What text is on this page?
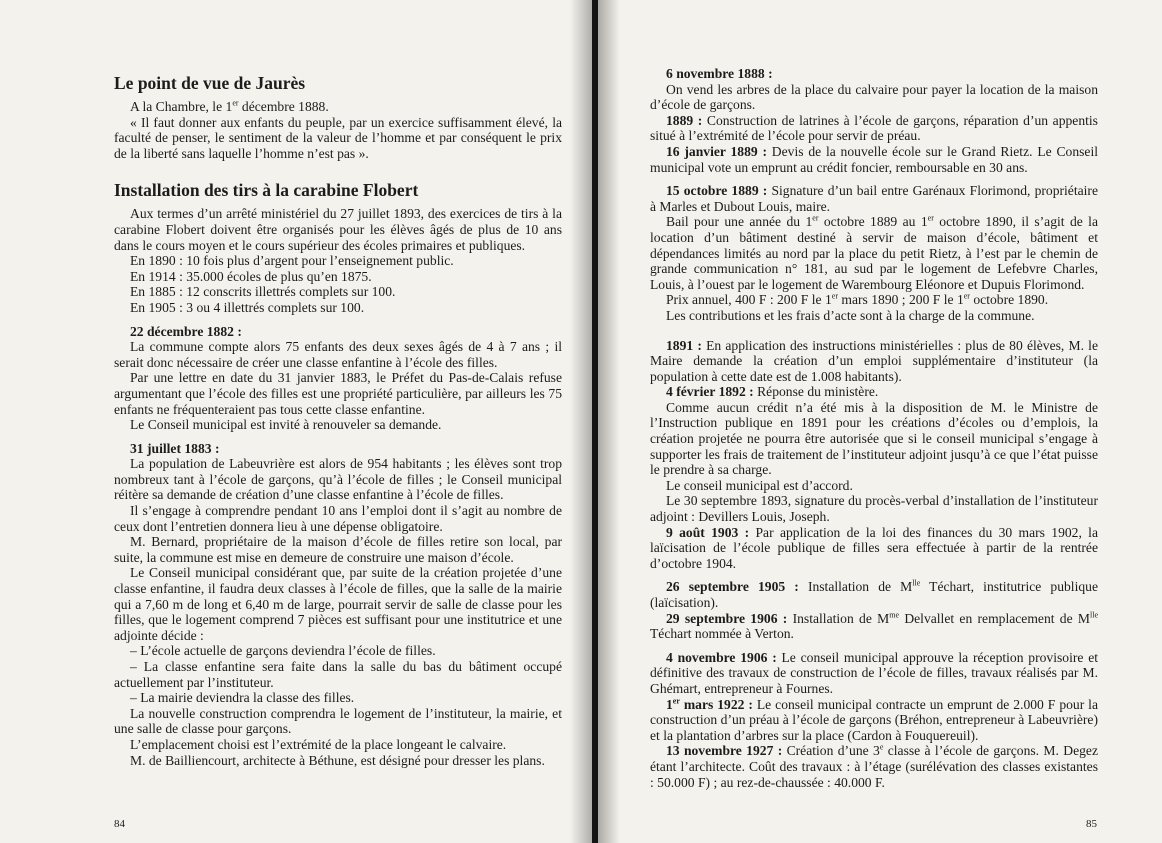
Le point de vue de Jaurès

A la Chambre, le 1er décembre 1888.

« Il faut donner aux enfants du peuple, par un exercice suffisamment élevé, la faculté de penser, le sentiment de la valeur de l’homme et par conséquent le prix de la liberté sans laquelle l’homme n’est pas ».

Installation des tirs à la carabine Flobert

Aux termes d’un arrêté ministériel du 27 juillet 1893, des exercices de tirs à la carabine Flobert doivent être organisés pour les élèves âgés de plus de 10 ans dans le cours moyen et le cours supérieur des écoles primaires et publiques.

En 1890 : 10 fois plus d’argent pour l’enseignement public.

En 1914 : 35.000 écoles de plus qu’en 1875.

En 1885 : 12 conscrits illettrés complets sur 100.

En 1905 : 3 ou 4 illettrés complets sur 100.

22 décembre 1882 :

La commune compte alors 75 enfants des deux sexes âgés de 4 à 7 ans ; il serait donc nécessaire de créer une classe enfantine à l’école des filles.

Par une lettre en date du 31 janvier 1883, le Préfet du Pas-de-Calais refuse argumentant que l’école des filles est une propriété particulière, par ailleurs les 75 enfants ne fréquenteraient pas tous cette classe enfantine.

Le Conseil municipal est invité à renouveler sa demande.

31 juillet 1883 :

La population de Labeuvrière est alors de 954 habitants ; les élèves sont trop nombreux tant à l’école de garçons, qu’à l’école de filles ; le Conseil municipal réitère sa demande de création d’une classe enfantine à l’école de filles.

Il s’engage à comprendre pendant 10 ans l’emploi dont il s’agit au nombre de ceux dont l’entretien donnera lieu à une dépense obligatoire.

M. Bernard, propriétaire de la maison d’école de filles retire son local, par suite, la commune est mise en demeure de construire une maison d’école.

Le Conseil municipal considérant que, par suite de la création projetée d’une classe enfantine, il faudra deux classes à l’école de filles, que la salle de la mairie qui a 7,60 m de long et 6,40 m de large, pourrait servir de salle de classe pour les filles, que le logement comprend 7 pièces est suffisant pour une institutrice et une adjointe décide :

– L’école actuelle de garçons deviendra l’école de filles.

– La classe enfantine sera faite dans la salle du bas du bâtiment occupé actuellement par l’instituteur.

– La mairie deviendra la classe des filles.

La nouvelle construction comprendra le logement de l’instituteur, la mairie, et une salle de classe pour garçons.

L’emplacement choisi est l’extrémité de la place longeant le calvaire.

M. de Bailliencourt, architecte à Béthune, est désigné pour dresser les plans.

84

6 novembre 1888 :

On vend les arbres de la place du calvaire pour payer la location de la maison d’école de garçons.

1889 : Construction de latrines à l’école de garçons, réparation d’un appentis situé à l’extrémité de l’école pour servir de préau.

16 janvier 1889 : Devis de la nouvelle école sur le Grand Rietz. Le Conseil municipal vote un emprunt au crédit foncier, remboursable en 30 ans.

15 octobre 1889 : Signature d’un bail entre Garénaux Florimond, propriétaire à Marles et Dubout Louis, maire.

Bail pour une année du 1er octobre 1889 au 1er octobre 1890, il s’agit de la location d’un bâtiment destiné à servir de maison d’école, bâtiment et dépendances limités au nord par la place du petit Rietz, à l’est par le chemin de grande communication n° 181, au sud par le logement de Lefebvre Charles, Louis, à l’ouest par le logement de Warembourg Eléonore et Dupuis Florimond.

Prix annuel, 400 F : 200 F le 1er mars 1890 ; 200 F le 1er octobre 1890.

Les contributions et les frais d’acte sont à la charge de la commune.

1891 : En application des instructions ministérielles : plus de 80 élèves, M. le Maire demande la création d’un emploi supplémentaire d’instituteur (la population à cette date est de 1.008 habitants).

4 février 1892 : Réponse du ministère.

Comme aucun crédit n’a été mis à la disposition de M. le Ministre de l’Instruction publique en 1891 pour les créations d’écoles ou d’emplois, la création projetée ne pourra être autorisée que si le conseil municipal s’engage à supporter les frais de traitement de l’instituteur adjoint jusqu’à ce que l’état puisse le prendre à sa charge.

Le conseil municipal est d’accord.

Le 30 septembre 1893, signature du procès-verbal d’installation de l’instituteur adjoint : Devillers Louis, Joseph.

9 août 1903 : Par application de la loi des finances du 30 mars 1902, la laïcisation de l’école publique de filles sera effectuée à partir de la rentrée d’octobre 1904.

26 septembre 1905 : Installation de $M^{lle}$ Téchart, institutrice publique (laïcisation).

29 septembre 1906 : Installation de $M^{me}$ Delvallet en remplacement de $M^{lle}$ Téchart nommée à Verton.

4 novembre 1906 : Le conseil municipal approuve la réception provisoire et définitive des travaux de construction de l’école de filles, travaux réalisés par M. Ghémart, entrepreneur à Fournes.

1er mars 1922 : Le conseil municipal contracte un emprunt de 2.000 F pour la construction d’un préau à l’école de garçons (Bréhon, entrepreneur à Labeuvrière) et la plantation d’arbres sur la place (Cardon à Fouquereuil).

13 novembre 1927 : Création d’une 3e classe à l’école de garçons. M. Degez étant l’architecte. Coût des travaux : à l’étage (surélévation des classes existantes : 50.000 F) ; au rez-de-chaussée : 40.000 F.

85
